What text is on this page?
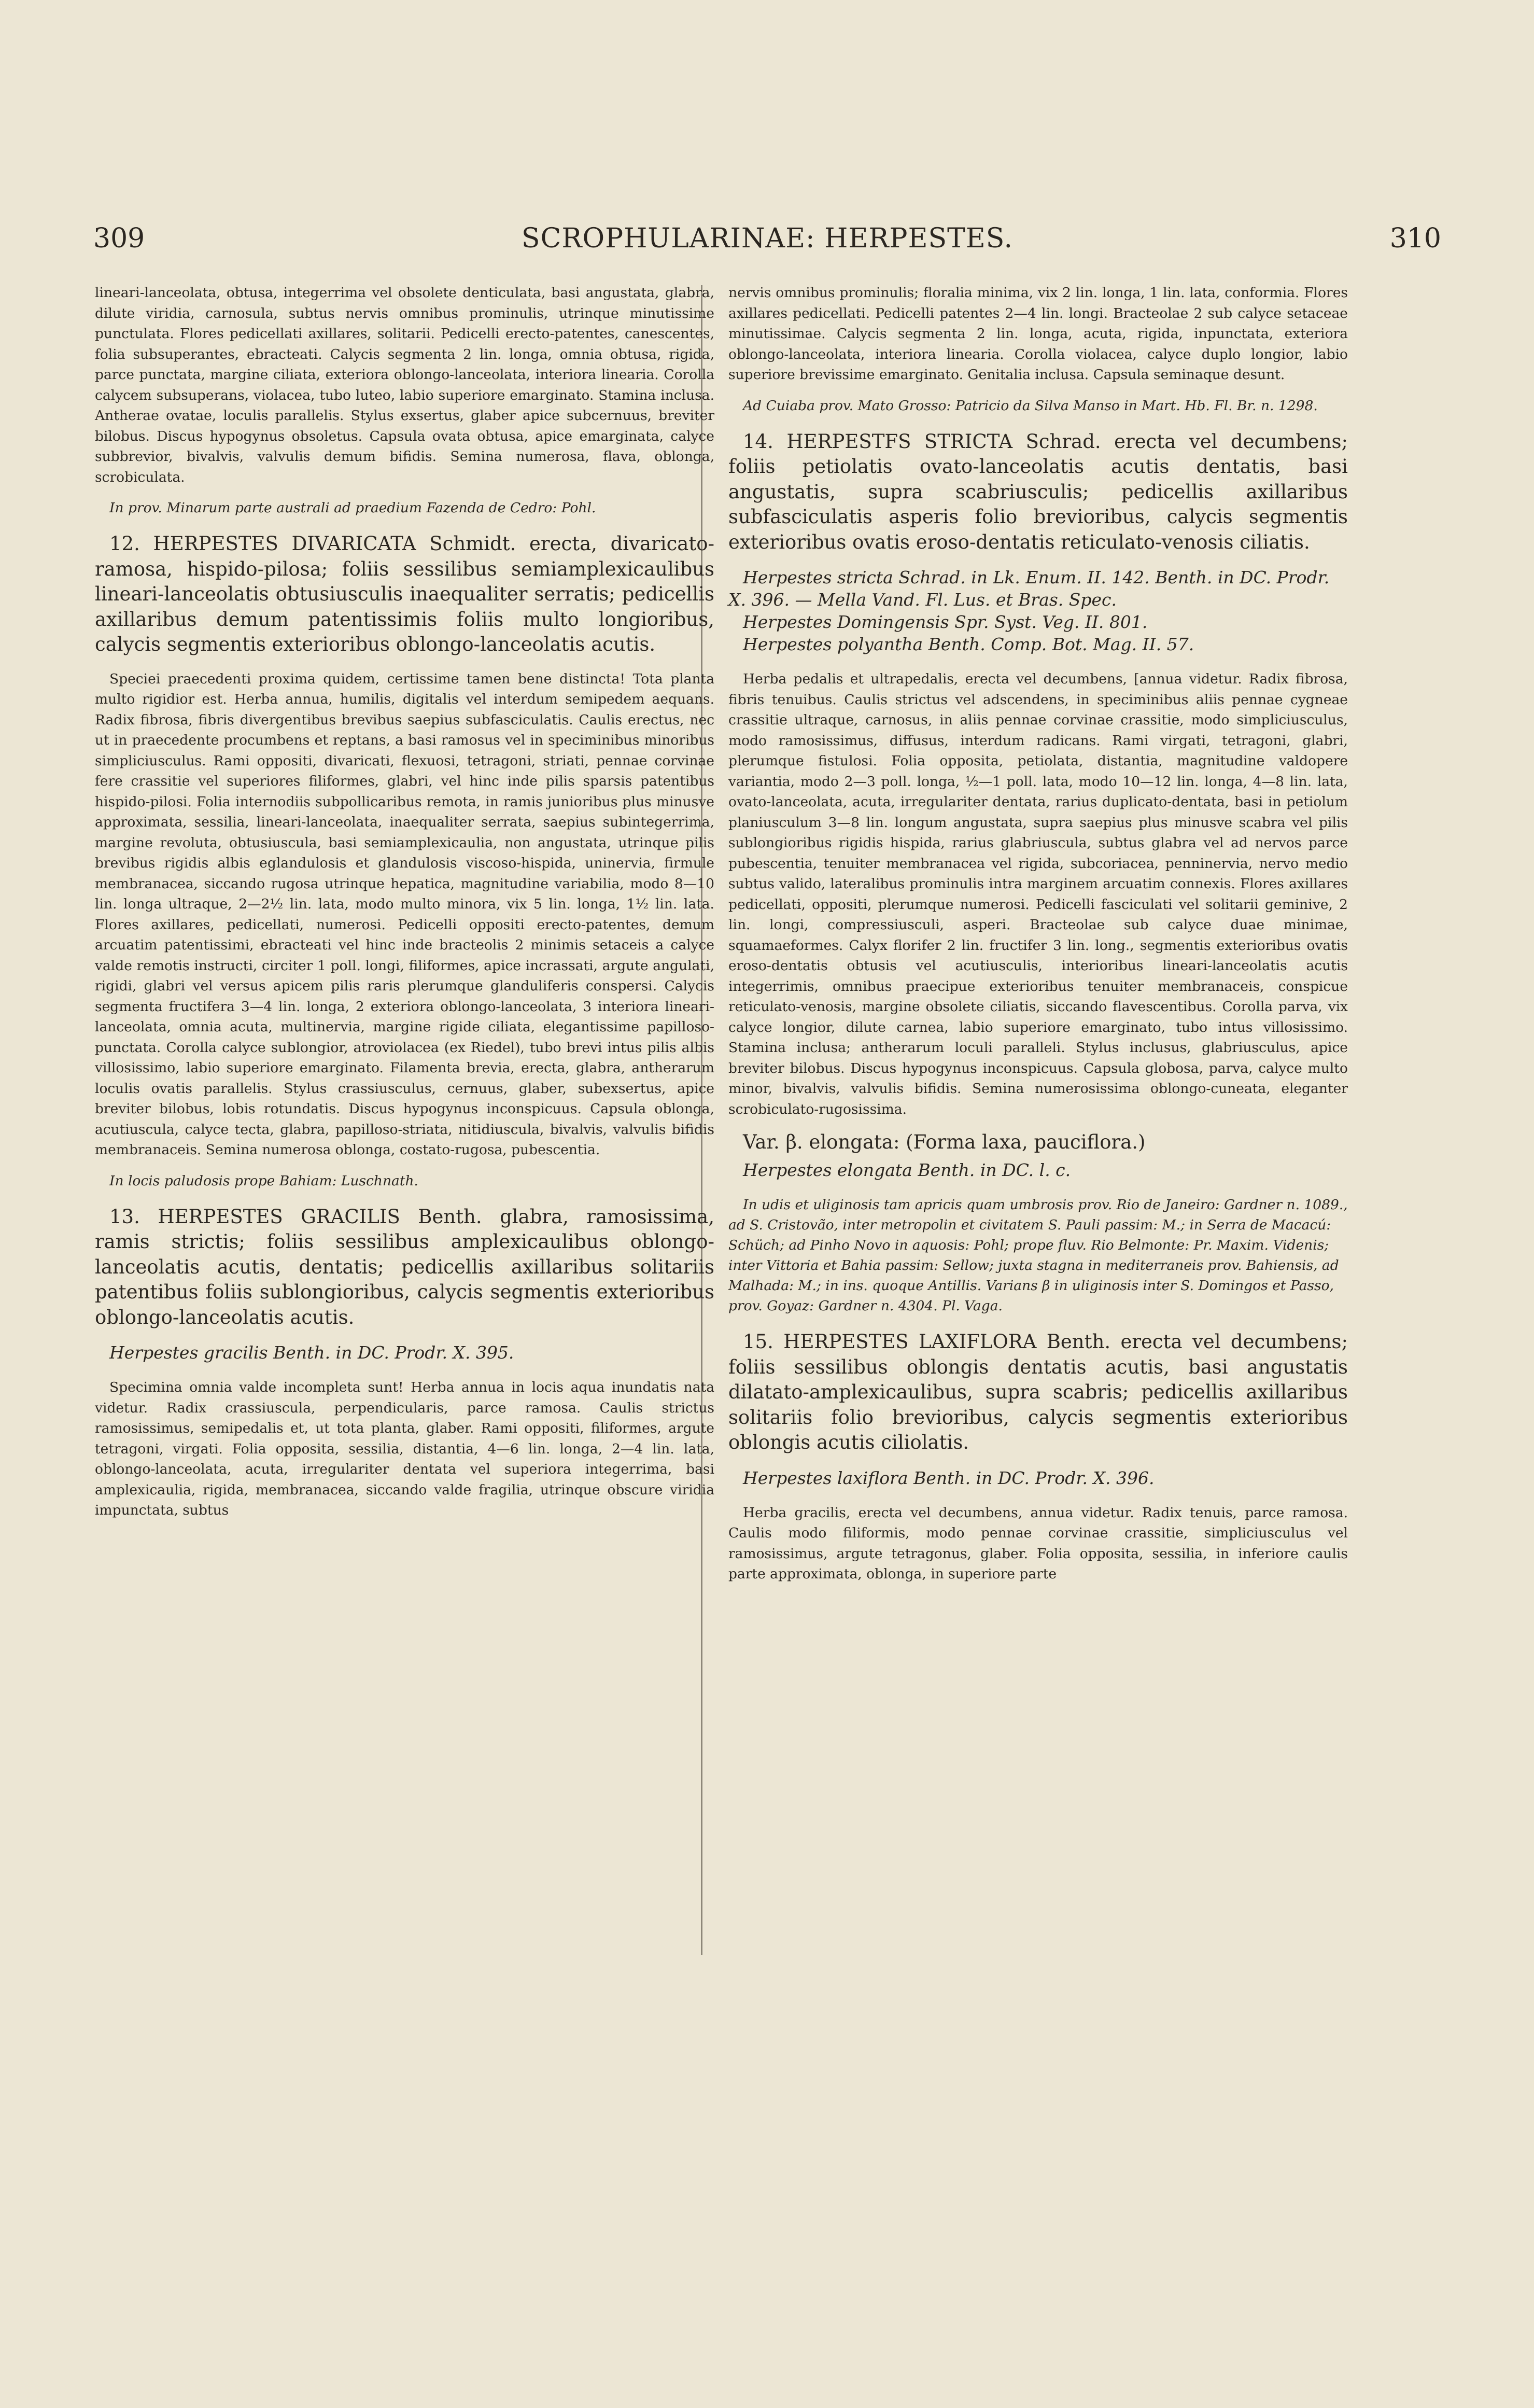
309	SCROPHULARINAE: HERPESTES.	310

lineari-lanceolata, obtusa, integerrima vel obsolete denticulata, basi angustata, glabra, dilute viridia, carnosula, subtus nervis omnibus prominulis, utrinque minutissime punctulata. Flores pedicellati axillares, solitarii. Pedicelli erecto-patentes, canescentes, folia subsuperantes, ebracteati. Calycis segmenta 2 lin. longa, omnia obtusa, rigida, parce punctata, margine ciliata, exteriora oblongo-lanceolata, interiora linearia. Corolla calycem subsuperans, violacea, tubo luteo, labio superiore emarginato. Stamina inclusa. Antherae ovatae, loculis parallelis. Stylus exsertus, glaber apice subcernuus, breviter bilobus. Discus hypogynus obsoletus. Capsula ovata obtusa, apice emarginata, calyce subbrevior, bivalvis, valvulis demum bifidis. Semina numerosa, flava, oblonga, scrobiculata.

In prov. Minarum parte australi ad praedium Fazenda de Cedro: Pohl.

12. HERPESTES DIVARICATA Schmidt. erecta, divaricato-ramosa, hispido-pilosa; foliis sessilibus semiamplexicaulibus lineari-lanceolatis obtusiusculis inaequaliter serratis; pedicellis axillaribus demum patentissimis foliis multo longioribus, calycis segmentis exterioribus oblongo-lanceolatis acutis.

Speciei praecedenti proxima quidem, certissime tamen bene distincta! Tota planta multo rigidior est. Herba annua, humilis, digitalis vel interdum semipedem aequans. Radix fibrosa, fibris divergentibus brevibus saepius subfasciculatis. Caulis erectus, nec ut in praecedente procumbens et reptans, a basi ramosus vel in speciminibus minoribus simpliciusculus. Rami oppositi, divaricati, flexuosi, tetragoni, striati, pennae corvinae fere crassitie vel superiores filiformes, glabri, vel hinc inde pilis sparsis patentibus hispido-pilosi. Folia internodiis subpollicaribus remota, in ramis junioribus plus minusve approximata, sessilia, lineari-lanceolata, inaequaliter serrata, saepius subintegerrima, margine revoluta, obtusiuscula, basi semiamplexicaulia, non angustata, utrinque pilis brevibus rigidis albis eglandulosis et glandulosis viscoso-hispida, uninervia, firmule membranacea, siccando rugosa utrinque hepatica, magnitudine variabilia, modo 8—10 lin. longa ultraque, 2—2½ lin. lata, modo multo minora, vix 5 lin. longa, 1½ lin. lata. Flores axillares, pedicellati, numerosi. Pedicelli oppositi erecto-patentes, demum arcuatim patentissimi, ebracteati vel hinc inde bracteolis 2 minimis setaceis a calyce valde remotis instructi, circiter 1 poll. longi, filiformes, apice incrassati, argute angulati, rigidi, glabri vel versus apicem pilis raris plerumque glanduliferis conspersi. Calycis segmenta fructifera 3—4 lin. longa, 2 exteriora oblongo-lanceolata, 3 interiora lineari-lanceolata, omnia acuta, multinervia, margine rigide ciliata, elegantissime papilloso-punctata. Corolla calyce sublongior, atroviolacea (ex Riedel), tubo brevi intus pilis albis villosissimo, labio superiore emarginato. Filamenta brevia, erecta, glabra, antherarum loculis ovatis parallelis. Stylus crassiusculus, cernuus, glaber, subexsertus, apice breviter bilobus, lobis rotundatis. Discus hypogynus inconspicuus. Capsula oblonga, acutiuscula, calyce tecta, glabra, papilloso-striata, nitidiuscula, bivalvis, valvulis bifidis membranaceis. Semina numerosa oblonga, costato-rugosa, pubescentia.

In locis paludosis prope Bahiam: Luschnath.

13. HERPESTES GRACILIS Benth. glabra, ramosissima, ramis strictis; foliis sessilibus amplexicaulibus oblongo-lanceolatis acutis, dentatis; pedicellis axillaribus solitariis patentibus foliis sublongioribus, calycis segmentis exterioribus oblongo-lanceolatis acutis.

Herpestes gracilis Benth. in DC. Prodr. X. 395.

Specimina omnia valde incompleta sunt! Herba annua in locis aqua inundatis nata videtur. Radix crassiuscula, perpendicularis, parce ramosa. Caulis strictus ramosissimus, semipedalis et, ut tota planta, glaber. Rami oppositi, filiformes, argute tetragoni, virgati. Folia opposita, sessilia, distantia, 4—6 lin. longa, 2—4 lin. lata, oblongo-lanceolata, acuta, irregulariter dentata vel superiora integerrima, basi amplexicaulia, rigida, membranacea, siccando valde fragilia, utrinque obscure viridia impunctata, subtus

nervis omnibus prominulis; floralia minima, vix 2 lin. longa, 1 lin. lata, conformia. Flores axillares pedicellati. Pedicelli patentes 2—4 lin. longi. Bracteolae 2 sub calyce setaceae minutissimae. Calycis segmenta 2 lin. longa, acuta, rigida, inpunctata, exteriora oblongo-lanceolata, interiora linearia. Corolla violacea, calyce duplo longior, labio superiore brevissime emarginato. Genitalia inclusa. Capsula seminaque desunt.

Ad Cuiaba prov. Mato Grosso: Patricio da Silva Manso in Mart. Hb. Fl. Br. n. 1298.

14. HERPESTFS STRICTA Schrad. erecta vel decumbens; foliis petiolatis ovato-lanceolatis acutis dentatis, basi angustatis, supra scabriusculis; pedicellis axillaribus subfasciculatis asperis folio brevioribus, calycis segmentis exterioribus ovatis eroso-dentatis reticulato-venosis ciliatis.

Herpestes stricta Schrad. in Lk. Enum. II. 142. Benth. in DC. Prodr. X. 396. — Mella Vand. Fl. Lus. et Bras. Spec.

Herpestes Domingensis Spr. Syst. Veg. II. 801.

Herpestes polyantha Benth. Comp. Bot. Mag. II. 57.

Herba pedalis et ultrapedalis, erecta vel decumbens, [annua videtur. Radix fibrosa, fibris tenuibus. Caulis strictus vel adscendens, in speciminibus aliis pennae cygneae crassitie ultraque, carnosus, in aliis pennae corvinae crassitie, modo simpliciusculus, modo ramosissimus, diffusus, interdum radicans. Rami virgati, tetragoni, glabri, plerumque fistulosi. Folia opposita, petiolata, distantia, magnitudine valdopere variantia, modo 2—3 poll. longa, ½—1 poll. lata, modo 10—12 lin. longa, 4—8 lin. lata, ovato-lanceolata, acuta, irregulariter dentata, rarius duplicato-dentata, basi in petiolum planiusculum 3—8 lin. longum angustata, supra saepius plus minusve scabra vel pilis sublongioribus rigidis hispida, rarius glabriuscula, subtus glabra vel ad nervos parce pubescentia, tenuiter membranacea vel rigida, subcoriacea, penninervia, nervo medio subtus valido, lateralibus prominulis intra marginem arcuatim connexis. Flores axillares pedicellati, oppositi, plerumque numerosi. Pedicelli fasciculati vel solitarii geminive, 2 lin. longi, compressiusculi, asperi. Bracteolae sub calyce duae minimae, squamaeformes. Calyx florifer 2 lin. fructifer 3 lin. long., segmentis exterioribus ovatis eroso-dentatis obtusis vel acutiusculis, interioribus lineari-lanceolatis acutis integerrimis, omnibus praecipue exterioribus tenuiter membranaceis, conspicue reticulato-venosis, margine obsolete ciliatis, siccando flavescentibus. Corolla parva, vix calyce longior, dilute carnea, labio superiore emarginato, tubo intus villosissimo. Stamina inclusa; antherarum loculi paralleli. Stylus inclusus, glabriusculus, apice breviter bilobus. Discus hypogynus inconspicuus. Capsula globosa, parva, calyce multo minor, bivalvis, valvulis bifidis. Semina numerosissima oblongo-cuneata, eleganter scrobiculato-rugosissima.

Var. β. elongata: (Forma laxa, pauciflora.)

Herpestes elongata Benth. in DC. l. c.

In udis et uliginosis tam apricis quam umbrosis prov. Rio de Janeiro: Gardner n. 1089., ad S. Cristovão, inter metropolin et civitatem S. Pauli passim: M.; in Serra de Macacú: Schüch; ad Pinho Novo in aquosis: Pohl; prope fluv. Rio Belmonte: Pr. Maxim. Videnis; inter Vittoria et Bahia passim: Sellow; juxta stagna in mediterraneis prov. Bahiensis, ad Malhada: M.; in ins. quoque Antillis. Varians β in uliginosis inter S. Domingos et Passo, prov. Goyaz: Gardner n. 4304. Pl. Vaga.

15. HERPESTES LAXIFLORA Benth. erecta vel decumbens; foliis sessilibus oblongis dentatis acutis, basi angustatis dilatato-amplexicaulibus, supra scabris; pedicellis axillaribus solitariis folio brevioribus, calycis segmentis exterioribus oblongis acutis ciliolatis.

Herpestes laxiflora Benth. in DC. Prodr. X. 396.

Herba gracilis, erecta vel decumbens, annua videtur. Radix tenuis, parce ramosa. Caulis modo filiformis, modo pennae corvinae crassitie, simpliciusculus vel ramosissimus, argute tetragonus, glaber. Folia opposita, sessilia, in inferiore caulis parte approximata, oblonga, in superiore parte
